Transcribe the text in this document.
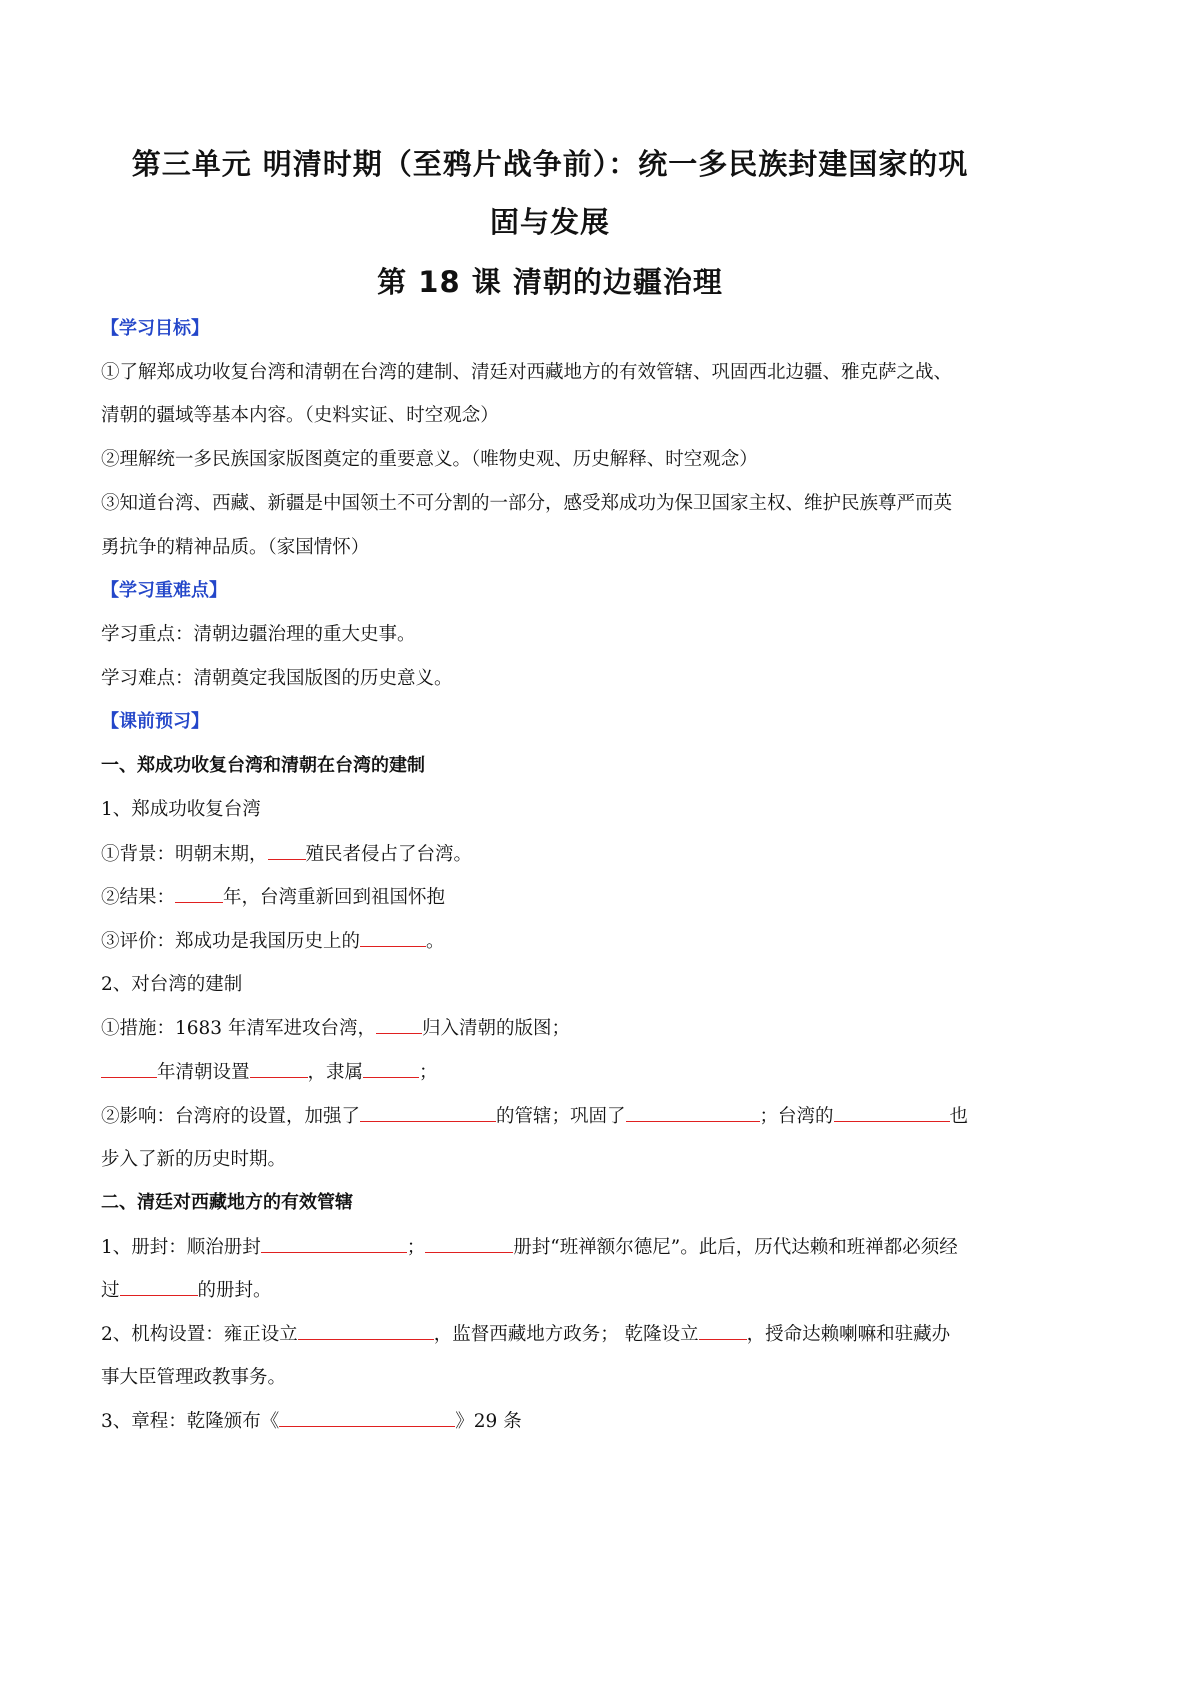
第三单元 明清时期（至鸦片战争前）：统一多民族封建国家的巩
固与发展
第 18 课 清朝的边疆治理
【学习目标】
①了解郑成功收复台湾和清朝在台湾的建制、清廷对西藏地方的有效管辖、巩固西北边疆、雅克萨之战、
清朝的疆域等基本内容。（史料实证、时空观念）
②理解统一多民族国家版图奠定的重要意义。（唯物史观、历史解释、时空观念）
③知道台湾、西藏、新疆是中国领土不可分割的一部分，感受郑成功为保卫国家主权、维护民族尊严而英
勇抗争的精神品质。（家国情怀）
【学习重难点】
学习重点：清朝边疆治理的重大史事。
学习难点：清朝奠定我国版图的历史意义。
【课前预习】
一、郑成功收复台湾和清朝在台湾的建制
1、郑成功收复台湾
①背景：明朝末期， 殖民者侵占了台湾。
②结果：	年，台湾重新回到祖国怀抱
③评价：郑成功是我国历史上的	。
2、对台湾的建制
①措施：1683 年清军进攻台湾， 归入清朝的版图；
年清朝设置	，隶属	；
②影响：台湾府的设置，加强了	的管辖；巩固了	；台湾的	也
步入了新的历史时期。
二、清廷对西藏地方的有效管辖
1、册封：顺治册封	；	册封“班禅额尔德尼”。此后，历代达赖和班禅都必须经
过	的册封。
2、机构设置：雍正设立	，监督西藏地方政务； 乾隆设立	，授命达赖喇嘛和驻藏办
事大臣管理政教事务。
3、章程：乾隆颁布《	》29 条
